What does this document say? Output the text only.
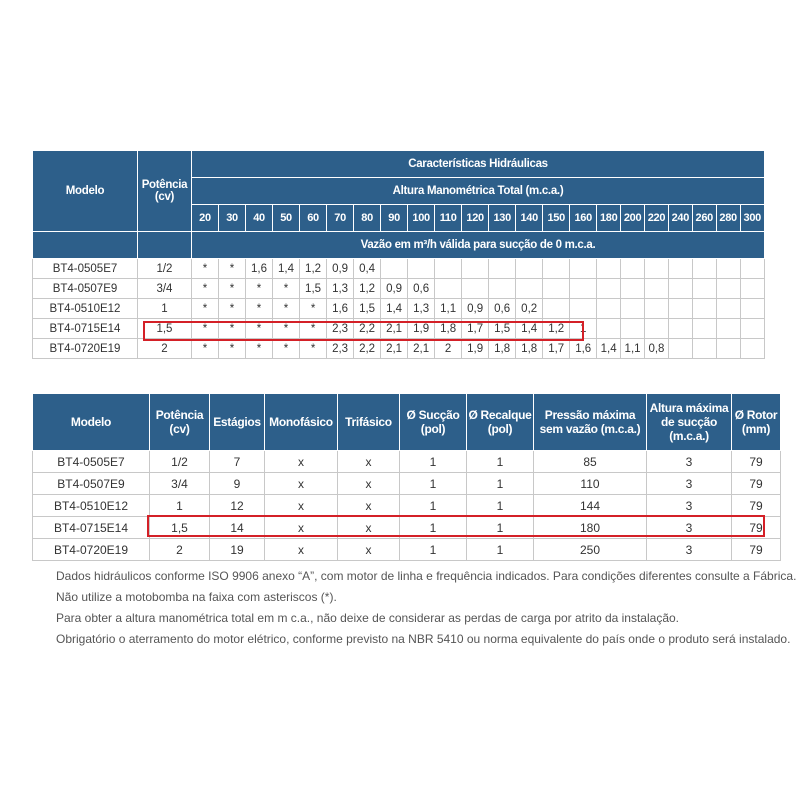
Modelo	Potência (cv)	Características Hidráulicas																					
		Altura Manométrica Total (m.c.a.)																					
		20	30	40	50	60	70	80	90	100	110	120	130	140	150	160	180	200	220	240	260	280	300
		Vazão em m³/h válida para sucção de 0 m.c.a.																					
BT4-0505E7	1/2	*	*	1,6	1,4	1,2	0,9	0,4															
BT4-0507E9	3/4	*	*	*	*	1,5	1,3	1,2	0,9	0,6													
BT4-0510E12	1	*	*	*	*	*	1,6	1,5	1,4	1,3	1,1	0,9	0,6	0,2									
BT4-0715E14	1,5	*	*	*	*	*	2,3	2,2	2,1	1,9	1,8	1,7	1,5	1,4	1,2	1							
BT4-0720E19	2	*	*	*	*	*	2,3	2,2	2,1	2,1	2	1,9	1,8	1,8	1,7	1,6	1,4	1,1	0,8				
Modelo	Potência (cv)	Estágios	Monofásico	Trifásico	Ø Sucção (pol)	Ø Recalque (pol)	Pressão máxima sem vazão (m.c.a.)	Altura máxima de sucção (m.c.a.)	Ø Rotor (mm)
BT4-0505E7	1/2	7	x	x	1	1	85	3	79
BT4-0507E9	3/4	9	x	x	1	1	110	3	79
BT4-0510E12	1	12	x	x	1	1	144	3	79
BT4-0715E14	1,5	14	x	x	1	1	180	3	79
BT4-0720E19	2	19	x	x	1	1	250	3	79
Dados hidráulicos conforme ISO 9906 anexo “A”, com motor de linha e frequência indicados. Para condições diferentes consulte a Fábrica.
Não utilize a motobomba na faixa com asteriscos (*).
Para obter a altura manométrica total em m c.a., não deixe de considerar as perdas de carga por atrito da instalação.
Obrigatório o aterramento do motor elétrico, conforme previsto na NBR 5410 ou norma equivalente do país onde o produto será instalado.
